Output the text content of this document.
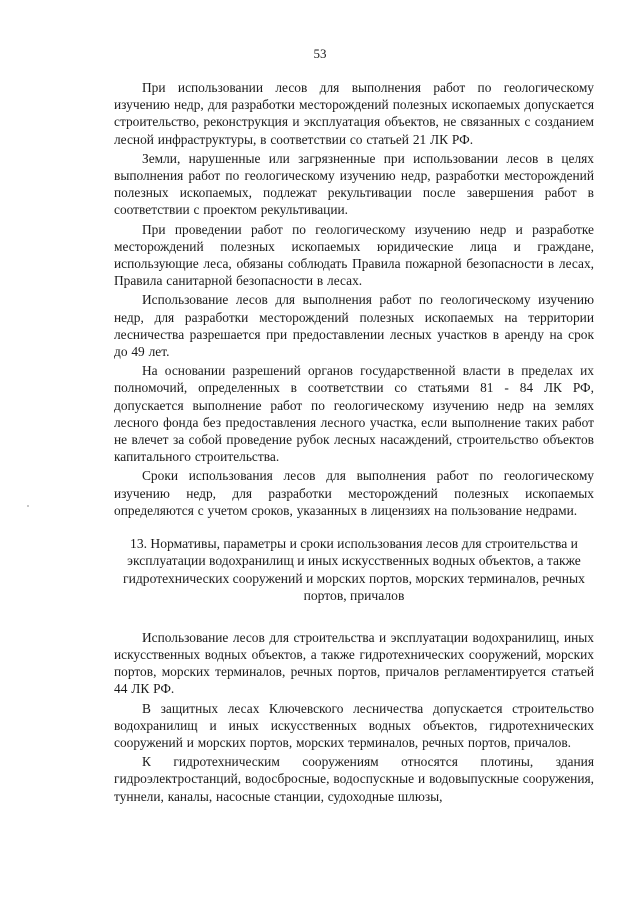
53

При использовании лесов для выполнения работ по геологическому изучению недр, для разработки месторождений полезных ископаемых допускается строительство, реконструкция и эксплуатация объектов, не связанных с созданием лесной инфраструктуры, в соответствии со статьей 21 ЛК РФ.

Земли, нарушенные или загрязненные при использовании лесов в целях выполнения работ по геологическому изучению недр, разработки месторождений полезных ископаемых, подлежат рекультивации после завершения работ в соответствии с проектом рекультивации.

При проведении работ по геологическому изучению недр и разработке месторождений полезных ископаемых юридические лица и граждане, использующие леса, обязаны соблюдать Правила пожарной безопасности в лесах, Правила санитарной безопасности в лесах.

Использование лесов для выполнения работ по геологическому изучению недр, для разработки месторождений полезных ископаемых на территории лесничества разрешается при предоставлении лесных участков в аренду на срок до 49 лет.

На основании разрешений органов государственной власти в пределах их полномочий, определенных в соответствии со статьями 81 - 84 ЛК РФ, допускается выполнение работ по геологическому изучению недр на землях лесного фонда без предоставления лесного участка, если выполнение таких работ не влечет за собой проведение рубок лесных насаждений, строительство объектов капитального строительства.

Сроки использования лесов для выполнения работ по геологическому изучению недр, для разработки месторождений полезных ископаемых определяются с учетом сроков, указанных в лицензиях на пользование недрами.

13. Нормативы, параметры и сроки использования лесов для строительства и эксплуатации водохранилищ и иных искусственных водных объектов, а также гидротехнических сооружений и морских портов, морских терминалов, речных портов, причалов

Использование лесов для строительства и эксплуатации водохранилищ, иных искусственных водных объектов, а также гидротехнических сооружений, морских портов, морских терминалов, речных портов, причалов регламентируется статьей 44 ЛК РФ.

В защитных лесах Ключевского лесничества допускается строительство водохранилищ и иных искусственных водных объектов, гидротехнических сооружений и морских портов, морских терминалов, речных портов, причалов.

К гидротехническим сооружениям относятся плотины, здания гидроэлектростанций, водосбросные, водоспускные и водовыпускные сооружения, туннели, каналы, насосные станции, судоходные шлюзы,
